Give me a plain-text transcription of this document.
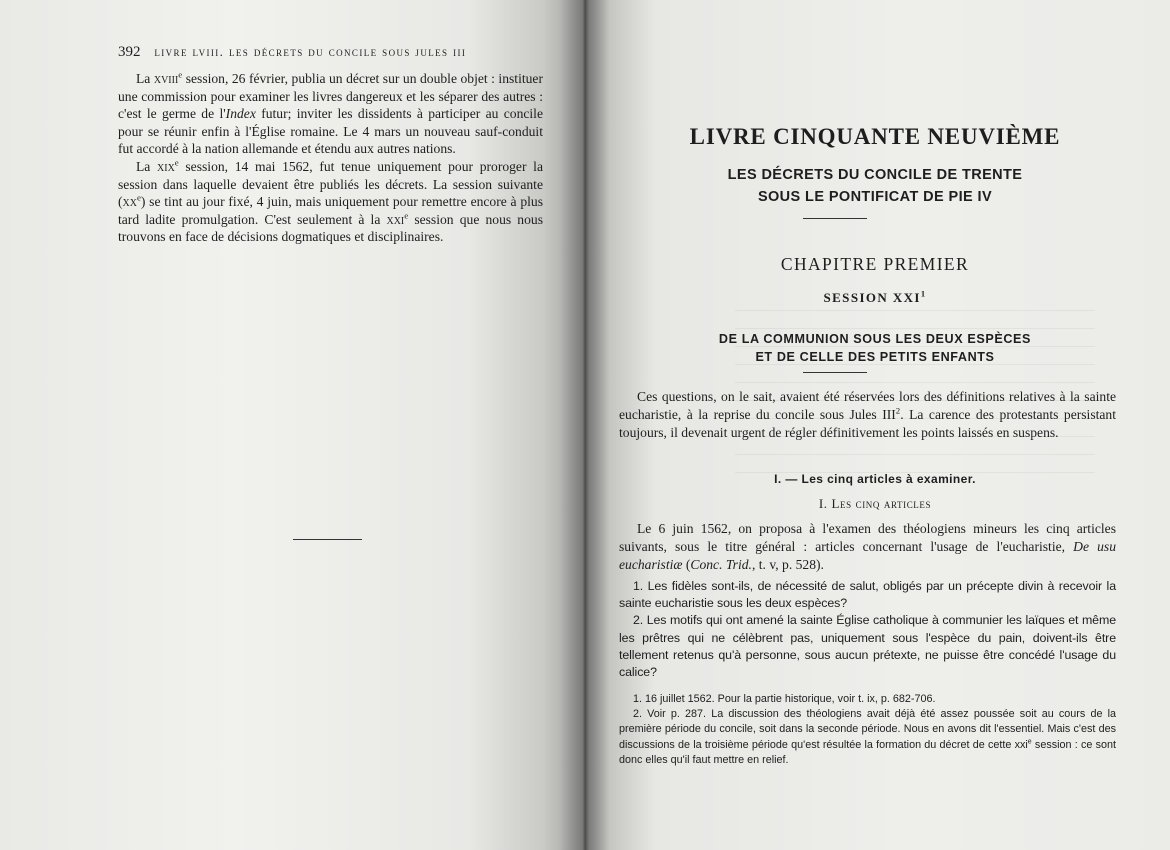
392 livre lviii. les décrets du concile sous jules iii

La xviii$^e$ session, 26 février, publia un décret sur un double objet : instituer une commission pour examiner les livres dangereux et les séparer des autres : c'est le germe de l'Index futur; inviter les dissidents à participer au concile pour se réunir enfin à l'Église romaine. Le 4 mars un nouveau sauf-conduit fut accordé à la nation allemande et étendu aux autres nations.

La xix$^e$ session, 14 mai 1562, fut tenue uniquement pour proroger la session dans laquelle devaient être publiés les décrets. La session suivante $(xx^e)$ se tint au jour fixé, 4 juin, mais uniquement pour remettre encore à plus tard ladite promulgation. C'est seulement à la xxi$^e$ session que nous nous trouvons en face de décisions dogmatiques et disciplinaires.

LIVRE CINQUANTE NEUVIÈME
LES DÉCRETS DU CONCILE DE TRENTE
SOUS LE PONTIFICAT DE PIE IV
CHAPITRE PREMIER
SESSION XXI$^1$
DE LA COMMUNION SOUS LES DEUX ESPÈCES
ET DE CELLE DES PETITS ENFANTS

Ces questions, on le sait, avaient été réservées lors des définitions relatives à la sainte eucharistie, à la reprise du concile sous Jules III$^2$. La carence des protestants persistant toujours, il devenait urgent de régler définitivement les points laissés en suspens.

I. — Les cinq articles à examiner.
I. Les cinq articles

Le 6 juin 1562, on proposa à l'examen des théologiens mineurs les cinq articles suivants, sous le titre général : articles concernant l'usage de l'eucharistie, De usu eucharistiæ (Conc. Trid., t. v, p. 528).

1. Les fidèles sont-ils, de nécessité de salut, obligés par un précepte divin à recevoir la sainte eucharistie sous les deux espèces?

2. Les motifs qui ont amené la sainte Église catholique à communier les laïques et même les prêtres qui ne célèbrent pas, uniquement sous l'espèce du pain, doivent-ils être tellement retenus qu'à personne, sous aucun prétexte, ne puisse être concédé l'usage du calice?

1. 16 juillet 1562. Pour la partie historique, voir t. ix, p. 682-706.

2. Voir p. 287. La discussion des théologiens avait déjà été assez poussée soit au cours de la première période du concile, soit dans la seconde période. Nous en avons dit l'essentiel. Mais c'est des discussions de la troisième période qu'est résultée la formation du décret de cette xxi$^e$ session : ce sont donc elles qu'il faut mettre en relief.
